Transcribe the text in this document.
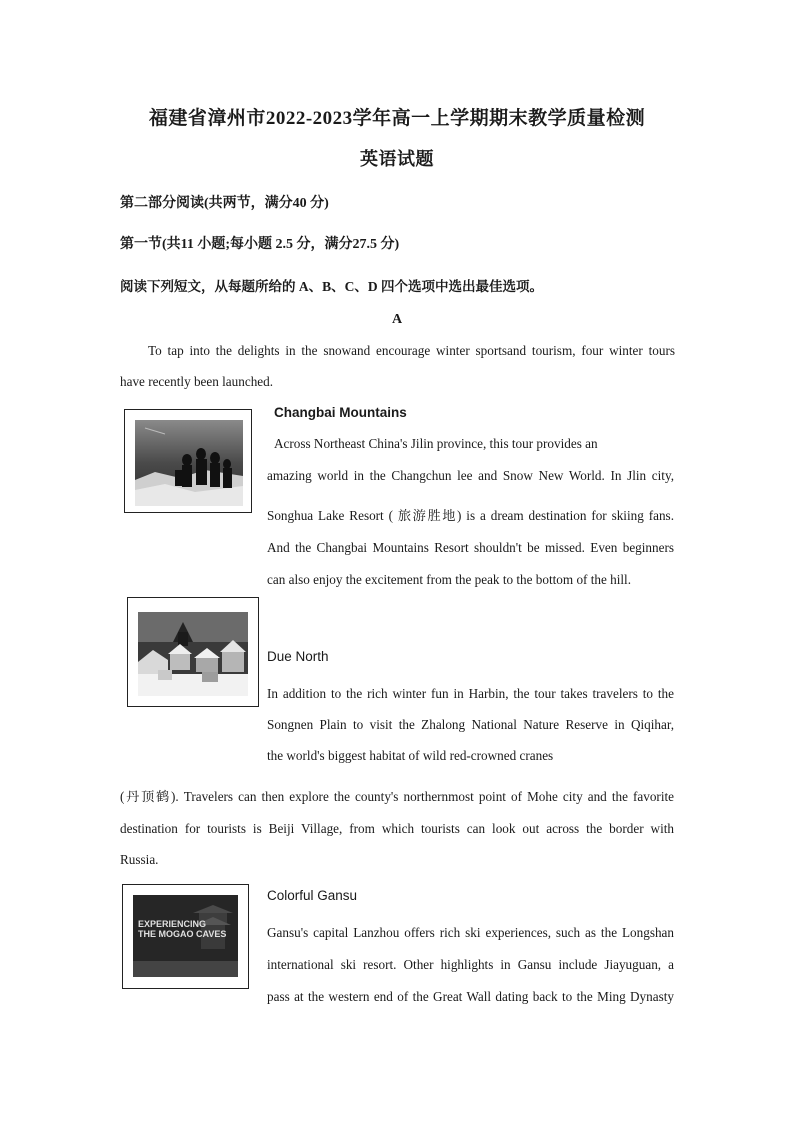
福建省漳州市2022-2023学年高一上学期期末教学质量检测
英语试题
第二部分阅读(共两节，满分40 分)
第一节(共11 小题;每小题 2.5 分，满分27.5 分)
阅读下列短文，从每题所给的 A、B、C、D 四个选项中选出最佳选项。
A
To tap into the delights in the snowand encourage winter sportsand tourism, four winter tours
have recently been launched.
Changbai Mountains
Across Northeast China's Jilin province, this tour provides an
amazing world in the Changchun lee and Snow New World. In Jlin city,
Songhua Lake Resort ( 旅游胜地) is a dream destination for skiing fans.
And the Changbai Mountains Resort shouldn't be missed. Even beginners
can also enjoy the excitement from the peak to the bottom of the hill.
Due North
In addition to the rich winter fun in Harbin, the tour takes travelers to the
Songnen Plain to visit the Zhalong National Nature Reserve in Qiqihar,
the world's biggest habitat of wild red-crowned cranes
(丹顶鹤). Travelers can then explore the county's northernmost point of Mohe city and the favorite
destination for tourists is Beiji Village, from which tourists can look out across the border with
Russia.
EXPERIENCING
THE MOGAO CAVES
Colorful Gansu
Gansu's capital Lanzhou offers rich ski experiences, such as the Longshan
international ski resort. Other highlights in Gansu include Jiayuguan, a
pass at the western end of the Great Wall dating back to the Ming Dynasty
